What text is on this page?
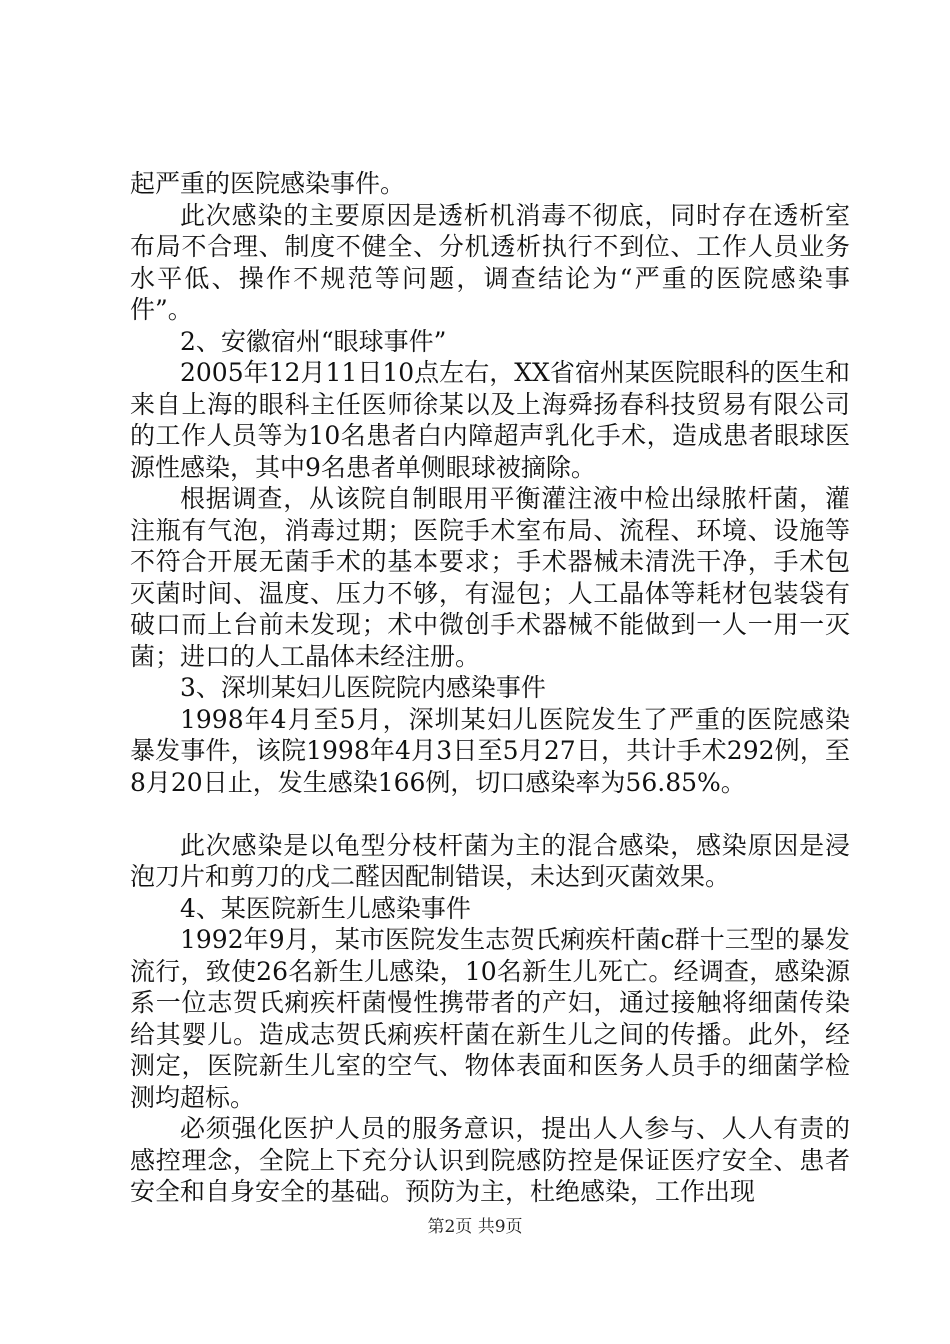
起严重的医院感染事件。

此次感染的主要原因是透析机消毒不彻底，同时存在透析室布局不合理、制度不健全、分机透析执行不到位、工作人员业务水平低、操作不规范等问题，调查结论为“严重的医院感染事件”。

2、安徽宿州“眼球事件”

2005年12月11日10点左右，XX省宿州某医院眼科的医生和来自上海的眼科主任医师徐某以及上海舜扬春科技贸易有限公司的工作人员等为10名患者白内障超声乳化手术，造成患者眼球医源性感染，其中9名患者单侧眼球被摘除。

根据调查，从该院自制眼用平衡灌注液中检出绿脓杆菌，灌注瓶有气泡，消毒过期；医院手术室布局、流程、环境、设施等不符合开展无菌手术的基本要求；手术器械未清洗干净，手术包灭菌时间、温度、压力不够，有湿包；人工晶体等耗材包装袋有破口而上台前未发现；术中微创手术器械不能做到一人一用一灭菌；进口的人工晶体未经注册。

3、深圳某妇儿医院院内感染事件

1998年4月至5月，深圳某妇儿医院发生了严重的医院感染暴发事件，该院1998年4月3日至5月27日，共计手术292例，至8月20日止，发生感染166例，切口感染率为56.85%。

此次感染是以龟型分枝杆菌为主的混合感染，感染原因是浸泡刀片和剪刀的戊二醛因配制错误，未达到灭菌效果。

4、某医院新生儿感染事件

1992年9月，某市医院发生志贺氏痢疾杆菌c群十三型的暴发流行，致使26名新生儿感染，10名新生儿死亡。经调查，感染源系一位志贺氏痢疾杆菌慢性携带者的产妇，通过接触将细菌传染给其婴儿。造成志贺氏痢疾杆菌在新生儿之间的传播。此外，经测定，医院新生儿室的空气、物体表面和医务人员手的细菌学检测均超标。

必须强化医护人员的服务意识，提出人人参与、人人有责的感控理念，全院上下充分认识到院感防控是保证医疗安全、患者安全和自身安全的基础。预防为主，杜绝感染，工作出现

第2页 共9页
